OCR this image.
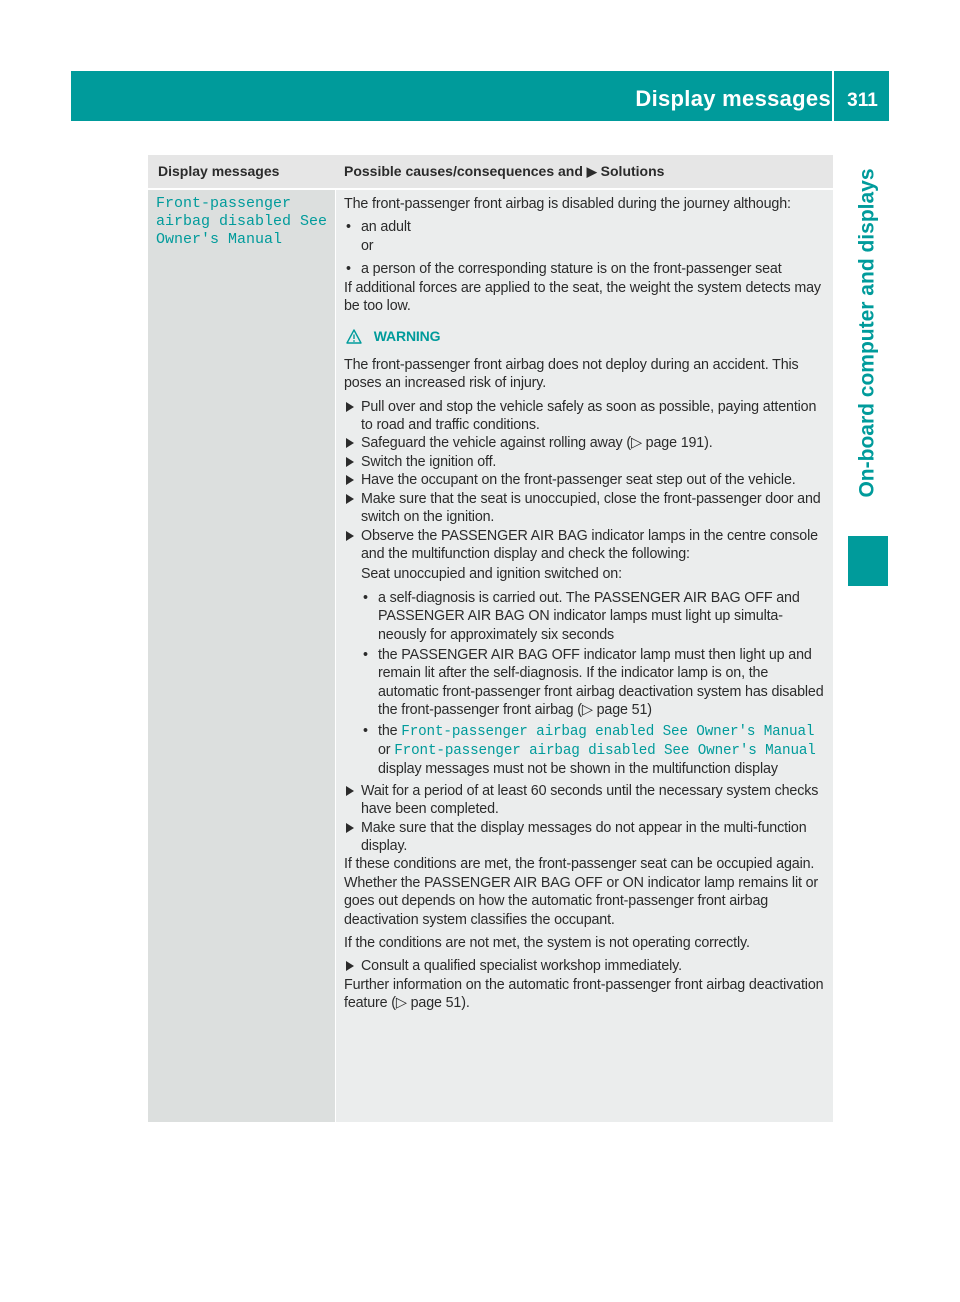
Display messages 311
On-board computer and displays
Display messages	Possible causes/consequences and ▶ Solutions
Front-passenger
airbag disabled See
Owner's Manual

The front-passenger front airbag is disabled during the journey although:

• an adult

or

• a person of the corresponding stature is on the front-passenger seat

If additional forces are applied to the seat, the weight the system detects may be too low.

WARNING

The front-passenger front airbag does not deploy during an accident. This poses an increased risk of injury.

Pull over and stop the vehicle safely as soon as possible, paying attention to road and traffic conditions.

Safeguard the vehicle against rolling away (▷ page 191).

Switch the ignition off.

Have the occupant on the front-passenger seat step out of the vehicle.

Make sure that the seat is unoccupied, close the front-passenger door and switch on the ignition.

Observe the PASSENGER AIR BAG indicator lamps in the centre console and the multifunction display and check the following:

Seat unoccupied and ignition switched on:

• a self-diagnosis is carried out. The PASSENGER AIR BAG OFF and PASSENGER AIR BAG ON indicator lamps must light up simulta-neously for approximately six seconds

• the PASSENGER AIR BAG OFF indicator lamp must then light up and remain lit after the self-diagnosis. If the indicator lamp is on, the automatic front-passenger front airbag deactivation system has disabled the front-passenger front airbag (▷ page 51)

• the Front-passenger airbag enabled See Owner's Manual
or Front-passenger airbag disabled See Owner's Manual
display messages must not be shown in the multifunction display

Wait for a period of at least 60 seconds until the necessary system checks have been completed.

Make sure that the display messages do not appear in the multi-function display.

If these conditions are met, the front-passenger seat can be occupied again. Whether the PASSENGER AIR BAG OFF or ON indicator lamp remains lit or goes out depends on how the automatic front-passenger front airbag deactivation system classifies the occupant.

If the conditions are not met, the system is not operating correctly.

Consult a qualified specialist workshop immediately.

Further information on the automatic front-passenger front airbag deactivation feature (▷ page 51).
